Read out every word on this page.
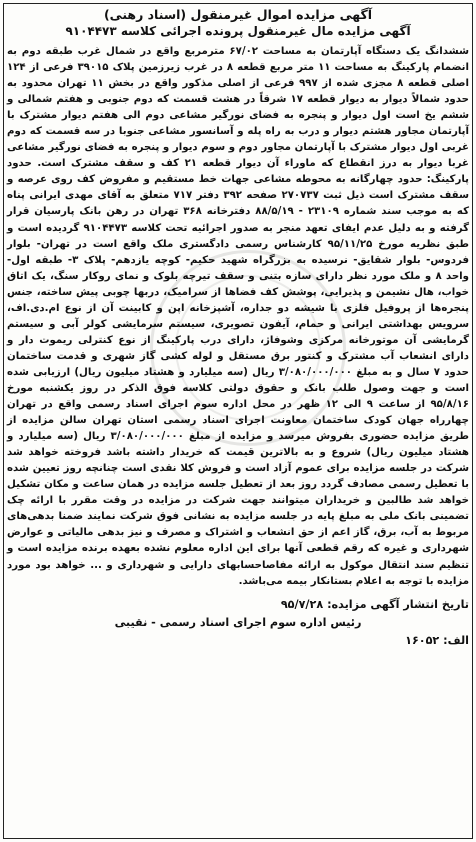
آگهی مزایده اموال غیرمنقول (اسناد رهنی)

آگهی مزایده مال غیرمنقول پرونده اجرائی کلاسه ۹۱۰۴۴۷۳

ششدانگ یک دستگاه آپارتمان به مساحت ۶۷/۰۲ مترمربع واقع در شمال غرب طبقه دوم به انضمام پارکینگ به مساحت ۱۱ متر مربع قطعه ۸ در غرب زیرزمین پلاک ۳۹۰۱۵ فرعی از ۱۲۴ اصلی قطعه ۸ مجزی شده از ۹۹۷ فرعی از اصلی مذکور واقع در بخش ۱۱ تهران محدود به حدود شمالاً دیوار به دیوار قطعه ۱۷ شرقاً در هشت قسمت که دوم جنوبی و هفتم شمالی و ششم یخ است اول دیوار و پنجره به فضای نورگیر مشاعی دوم الی هفتم دیوار مشترک با آپارتمان مجاور هشتم دیوار و درب به راه پله و آسانسور مشاعی جنوبا در سه قسمت که دوم غربی اول دیوار مشترک با آپارتمان مجاور دوم و سوم دیوار و پنجره به فضای نورگیر مشاعی غربا دیوار به درز انقطاع که ماوراء آن دیوار قطعه ۲۱ کف و سقف مشترک است. حدود پارکینگ: حدود چهارگانه به محوطه مشاعی جهات خط مستقیم و مفروض کف روی عرصه و سقف مشترک است ذیل ثبت ۲۷۰۷۳۷ صفحه ۳۹۲ دفتر ۷۱۷ متعلق به آقای مهدی ایرانی پناه که به موجب سند شماره ۲۳۱۰۹ - ۸۸/۵/۱۹ دفترخانه ۳۶۸ تهران در رهن بانک پارسیان قرار گرفته و به دلیل عدم ایفای تعهد منجر به صدور اجرائیه تحت کلاسه ۹۱۰۴۴۷۳ گردیده است و طبق نظریه مورخ ۹۵/۱۱/۲۵ کارشناس رسمی دادگستری ملک واقع است در تهران- بلوار فردوس- بلوار شقایق- نرسیده به بزرگراه شهید حکیم- کوچه یازدهم- پلاک ۳- طبقه اول- واحد ۸ و ملک مورد نظر دارای سازه بتنی و سقف تیرچه بلوک و نمای روکار سنگ، یک اتاق خواب، هال نشیمن و پذیرایی، پوشش کف فضاها از سرامیک، دربها چوبی پیش ساخته، جنس پنجره‌ها از پروفیل فلزی با شیشه دو جداره، آشپزخانه اپن و کابینت آن از نوع ام.دی.اف، سرویس بهداشتی ایرانی و حمام، آیفون تصویری، سیستم سرمایشی کولر آبی و سیستم گرمایشی آن موتورخانه مرکزی وشوفاژ، دارای درب پارکینگ از نوع کنترلی ریموت دار و دارای انشعاب آب مشترک و کنتور برق مستقل و لوله کشی گاز شهری و قدمت ساختمان حدود ۷ سال و به مبلغ ۳/۰۸۰/۰۰۰/۰۰۰ ریال (سه میلیارد و هشتاد میلیون ریال) ارزیابی شده است و جهت وصول طلب بانک و حقوق دولتی کلاسه فوق الذکر در روز یکشنبه مورخ ۹۵/۸/۱۶ از ساعت ۹ الی ۱۲ ظهر در محل اداره سوم اجرای اسناد رسمی واقع در تهران چهارراه جهان کودک ساختمان معاونت اجرای اسناد رسمی استان تهران سالن مزایده از طریق مزایده حضوری بفروش میرسد و مزایده از مبلغ ۳/۰۸۰/۰۰۰/۰۰۰ ریال (سه میلیارد و هشتاد میلیون ریال) شروع و به بالاترین قیمت که خریدار داشته باشد فروخته خواهد شد شرکت در جلسه مزایده برای عموم آزاد است و فروش کلا نقدی است چنانچه روز تعیین شده با تعطیل رسمی مصادف گردد روز بعد از تعطیل جلسه مزایده در همان ساعت و مکان تشکیل خواهد شد طالبین و خریداران میتوانند جهت شرکت در مزایده در وقت مقرر با ارائه چک تضمینی بانک ملی به مبلغ پایه در جلسه مزایده به نشانی فوق شرکت نمایند ضمنا بدهی‌های مربوط به آب، برق، گاز اعم از حق انشعاب و اشتراک و مصرف و نیز بدهی مالیاتی و عوارض شهرداری و غیره که رقم قطعی آنها برای این اداره معلوم نشده بعهده برنده مزایده است و تنظیم سند انتقال موکول به ارائه مفاصاحسابهای دارایی و شهرداری و ... خواهد بود مورد مزایده با توجه به اعلام بستانکار بیمه می‌باشد.

تاریخ انتشار آگهی مزایده: ۹۵/۷/۲۸
رئیس اداره سوم اجرای اسناد رسمی - نقیبی
الف: ۱۶۰۵۲
